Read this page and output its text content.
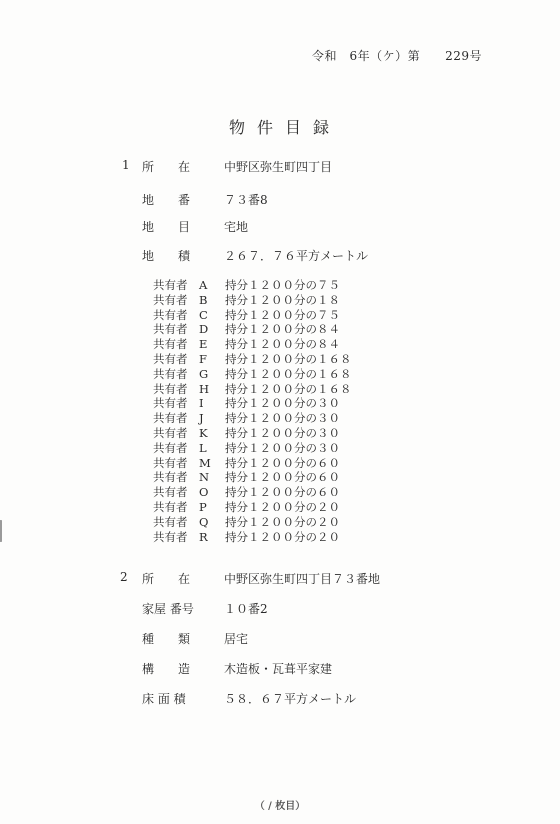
令和　6年（ケ）第　　229号
物件目録
1 所　　在	中野区弥生町四丁目
地　　番	７３番8
地　　目	宅地
地　　積	２６７．７６平方メートル
共有者	A	持分１２００分の７５
共有者	B	持分１２００分の１８
共有者	C	持分１２００分の７５
共有者	D	持分１２００分の８４
共有者	E	持分１２００分の８４
共有者	F	持分１２００分の１６８
共有者	G	持分１２００分の１６８
共有者	H	持分１２００分の１６８
共有者	I	持分１２００分の３０
共有者	J	持分１２００分の３０
共有者	K	持分１２００分の３０
共有者	L	持分１２００分の３０
共有者	M	持分１２００分の６０
共有者	N	持分１２００分の６０
共有者	O	持分１２００分の６０
共有者	P	持分１２００分の２０
共有者	Q	持分１２００分の２０
共有者	R	持分１２００分の２０
2 所　　在	中野区弥生町四丁目７３番地
家屋 番号	１０番2
種　　類	居宅
構　　造	木造板・瓦葺平家建
床 面 積	５８．６７平方メートル
（ / 枚目）
